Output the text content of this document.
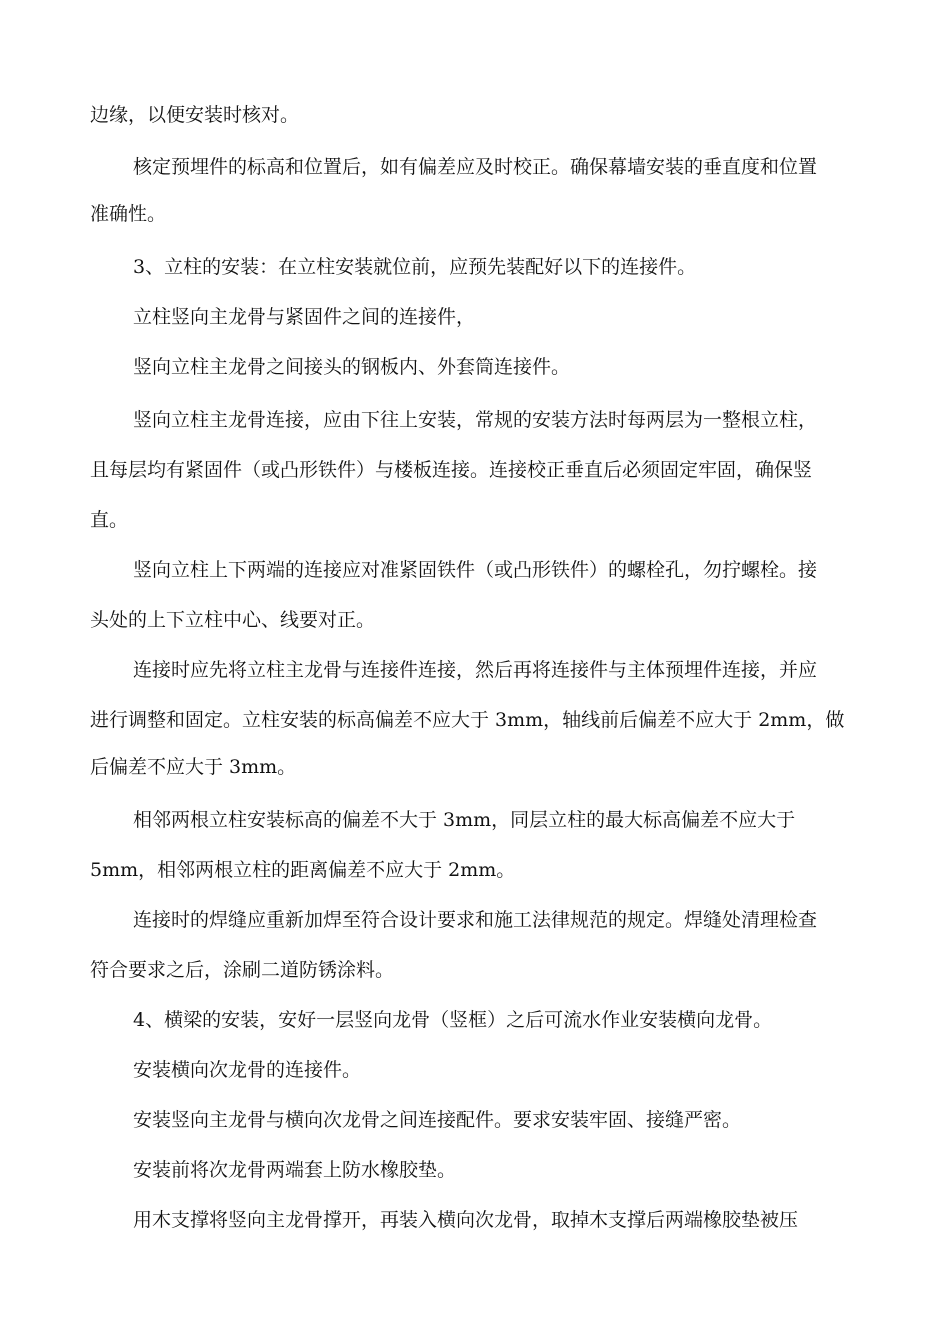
边缘，以便安装时核对。
核定预埋件的标高和位置后，如有偏差应及时校正。确保幕墙安装的垂直度和位置
准确性。
3、立柱的安装：在立柱安装就位前，应预先装配好以下的连接件。
立柱竖向主龙骨与紧固件之间的连接件，
竖向立柱主龙骨之间接头的钢板内、外套筒连接件。
竖向立柱主龙骨连接，应由下往上安装，常规的安装方法时每两层为一整根立柱，
且每层均有紧固件（或凸形铁件）与楼板连接。连接校正垂直后必须固定牢固，确保竖
直。
竖向立柱上下两端的连接应对准紧固铁件（或凸形铁件）的螺栓孔，勿拧螺栓。接
头处的上下立柱中心、线要对正。
连接时应先将立柱主龙骨与连接件连接，然后再将连接件与主体预埋件连接，并应
进行调整和固定。立柱安装的标高偏差不应大于 3mm，轴线前后偏差不应大于 2mm，做
后偏差不应大于 3mm。
相邻两根立柱安装标高的偏差不大于 3mm，同层立柱的最大标高偏差不应大于
5mm，相邻两根立柱的距离偏差不应大于 2mm。
连接时的焊缝应重新加焊至符合设计要求和施工法律规范的规定。焊缝处清理检查
符合要求之后，涂刷二道防锈涂料。
4、横梁的安装，安好一层竖向龙骨（竖框）之后可流水作业安装横向龙骨。
安装横向次龙骨的连接件。
安装竖向主龙骨与横向次龙骨之间连接配件。要求安装牢固、接缝严密。
安装前将次龙骨两端套上防水橡胶垫。
用木支撑将竖向主龙骨撑开，再装入横向次龙骨，取掉木支撑后两端橡胶垫被压
